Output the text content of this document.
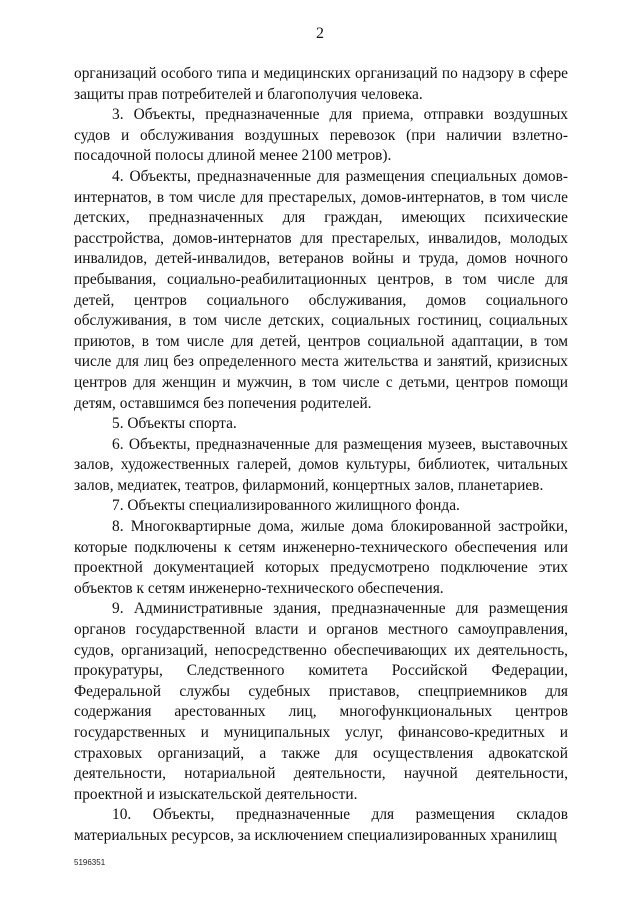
2

организаций особого типа и медицинских организаций по надзору в сфере защиты прав потребителей и благополучия человека.

3. Объекты, предназначенные для приема, отправки воздушных судов и обслуживания воздушных перевозок (при наличии взлетно-посадочной полосы длиной менее 2100 метров).

4. Объекты, предназначенные для размещения специальных домов-интернатов, в том числе для престарелых, домов-интернатов, в том числе детских, предназначенных для граждан, имеющих психические расстройства, домов-интернатов для престарелых, инвалидов, молодых инвалидов, детей-инвалидов, ветеранов войны и труда, домов ночного пребывания, социально-реабилитационных центров, в том числе для детей, центров социального обслуживания, домов социального обслуживания, в том числе детских, социальных гостиниц, социальных приютов, в том числе для детей, центров социальной адаптации, в том числе для лиц без определенного места жительства и занятий, кризисных центров для женщин и мужчин, в том числе с детьми, центров помощи детям, оставшимся без попечения родителей.

5. Объекты спорта.

6. Объекты, предназначенные для размещения музеев, выставочных залов, художественных галерей, домов культуры, библиотек, читальных залов, медиатек, театров, филармоний, концертных залов, планетариев.

7. Объекты специализированного жилищного фонда.

8. Многоквартирные дома, жилые дома блокированной застройки, которые подключены к сетям инженерно-технического обеспечения или проектной документацией которых предусмотрено подключение этих объектов к сетям инженерно-технического обеспечения.

9. Административные здания, предназначенные для размещения органов государственной власти и органов местного самоуправления, судов, организаций, непосредственно обеспечивающих их деятельность, прокуратуры, Следственного комитета Российской Федерации, Федеральной службы судебных приставов, спецприемников для содержания арестованных лиц, многофункциональных центров государственных и муниципальных услуг, финансово-кредитных и страховых организаций, а также для осуществления адвокатской деятельности, нотариальной деятельности, научной деятельности, проектной и изыскательской деятельности.

10. Объекты, предназначенные для размещения складов материальных ресурсов, за исключением специализированных хранилищ

5196351
